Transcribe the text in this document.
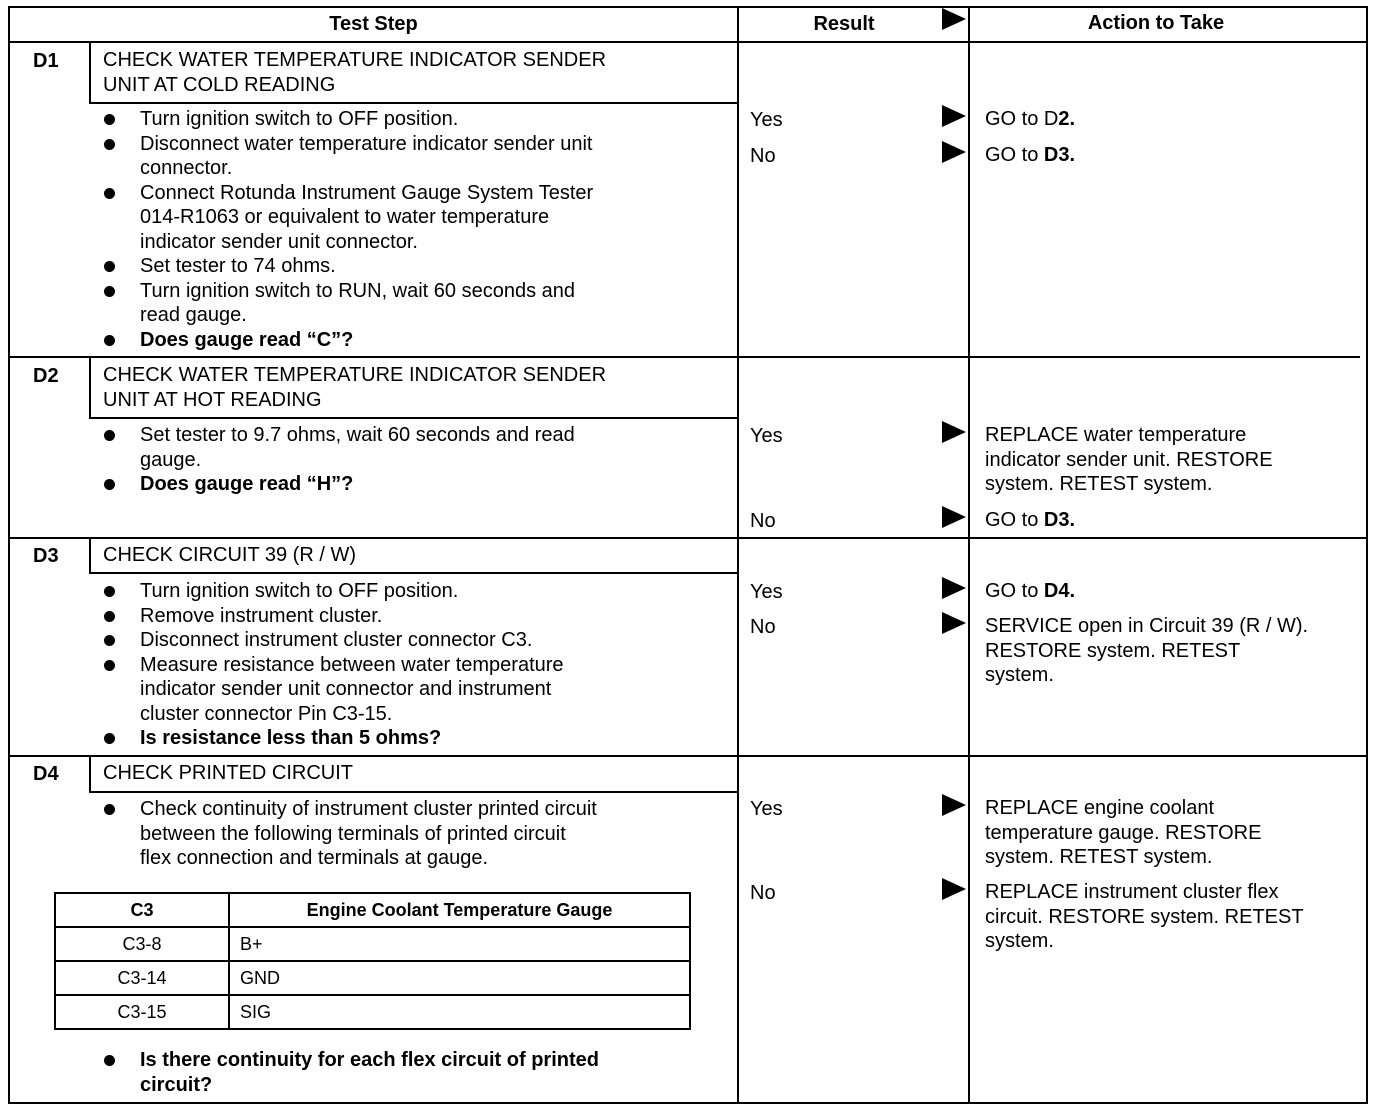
Test Step	Result	Action to Take
D1 CHECK WATER TEMPERATURE INDICATOR SENDER
UNIT AT COLD READING
Turn ignition switch to OFF position.
Disconnect water temperature indicator sender unit
connector.
Connect Rotunda Instrument Gauge System Tester
014-R1063 or equivalent to water temperature
indicator sender unit connector.
Set tester to 74 ohms.
Turn ignition switch to RUN, wait 60 seconds and
read gauge.
Does gauge read “C”?
Yes	GO to D2.
No	GO to D3.
D2 CHECK WATER TEMPERATURE INDICATOR SENDER
UNIT AT HOT READING
Set tester to 9.7 ohms, wait 60 seconds and read
gauge.
Does gauge read “H”?
Yes	REPLACE water temperature
indicator sender unit. RESTORE
system. RETEST system.
No	GO to D3.
D3 CHECK CIRCUIT 39 (R / W)
Turn ignition switch to OFF position.
Remove instrument cluster.
Disconnect instrument cluster connector C3.
Measure resistance between water temperature
indicator sender unit connector and instrument
cluster connector Pin C3-15.
Is resistance less than 5 ohms?
Yes	GO to D4.
No	SERVICE open in Circuit 39 (R / W).
RESTORE system. RETEST
system.
D4 CHECK PRINTED CIRCUIT
Check continuity of instrument cluster printed circuit
between the following terminals of printed circuit
flex connection and terminals at gauge.
C3	Engine Coolant Temperature Gauge
C3-8	B+
C3-14	GND
C3-15	SIG
Is there continuity for each flex circuit of printed
circuit?
Yes	REPLACE engine coolant
temperature gauge. RESTORE
system. RETEST system.
No	REPLACE instrument cluster flex
circuit. RESTORE system. RETEST
system.
